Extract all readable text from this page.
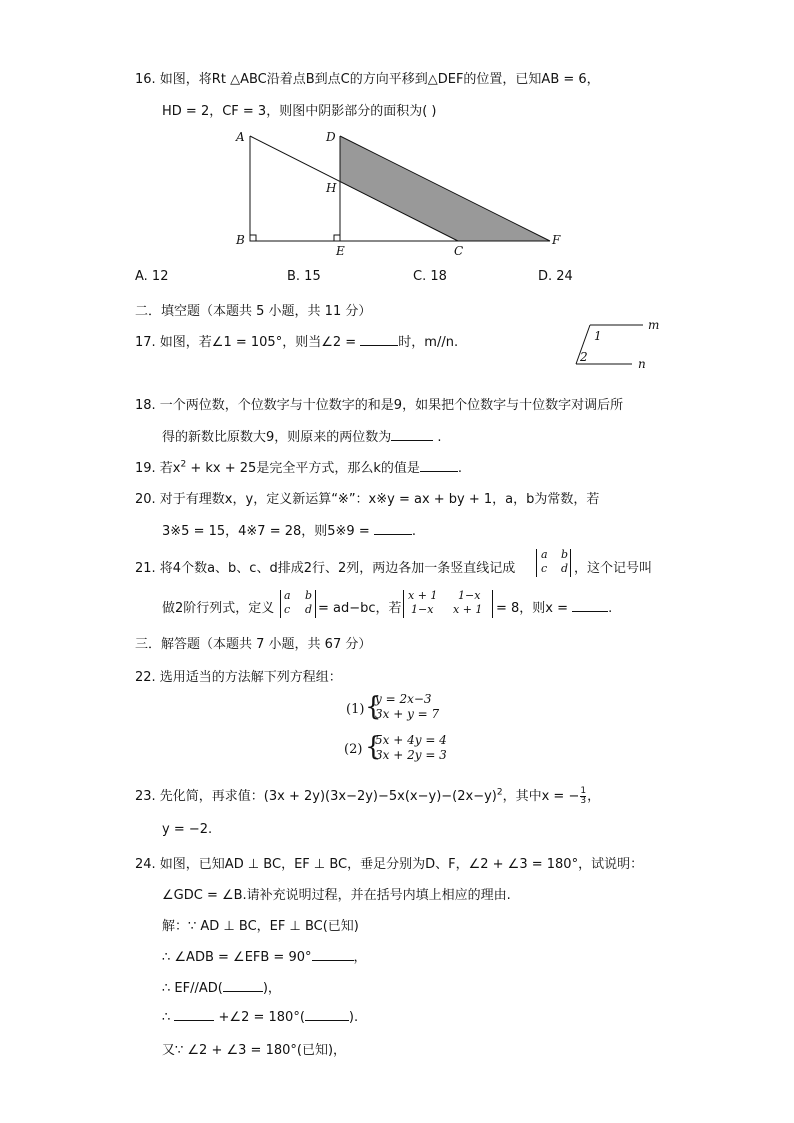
16. 如图，将Rt △ABC沿着点B到点C的方向平移到△DEF的位置，已知AB = 6，
HD = 2，CF = 3，则图中阴影部分的面积为( )
A
B
C
D
E
F
H
A. 12	B. 15	C. 18	D. 24
二．填空题（本题共 5 小题，共 11 分）
17. 如图，若∠1 = 105°，则当∠2 =	时，m//n.
m
n
1
2
18. 一个两位数，个位数字与十位数字的和是9，如果把个位数字与十位数字对调后所
得的新数比原数大9，则原来的两位数为	.
19. 若$x^2$ + kx + 25是完全平方式，那么k的值是	.
20. 对于有理数x，y，定义新运算“※”：x※y = ax + by + 1，a，b为常数，若
3※5 = 15，4※7 = 28，则5※9 =	.
21. 将4个数a、b、c、d排成2行、2列，两边各加一条竖直线记成
a b
c d ，这个记号叫
做2阶行列式，定义
a b
c d = ad−bc，若
x + 1 1−x
1−x x + 1 = 8，则x =	.
三．解答题（本题共 7 小题，共 67 分）
22. 选用适当的方法解下列方程组：
(1) {
y = 2x−3
3x + y = 7
(2) {
5x + 4y = 4
3x + 2y = 3
23. 先化简，再求值：$(3x + 2y)(3x-2y)-5x(x-y)-(2x-y)^2$，其中x = − $\frac{1}{3}$ ，
y = −2.
24. 如图，已知AD ⊥ BC，EF ⊥ BC，垂足分别为D、F，∠2 + ∠3 = 180°，试说明：
∠GDC = ∠B.请补充说明过程，并在括号内填上相应的理由.
解：∵ AD ⊥ BC，EF ⊥ BC(已知)
∴ ∠ADB = ∠EFB = 90°	，
∴ EF//AD(	)，
∴	+∠2 = 180°(	).
又∵ ∠2 + ∠3 = 180°(已知)，
